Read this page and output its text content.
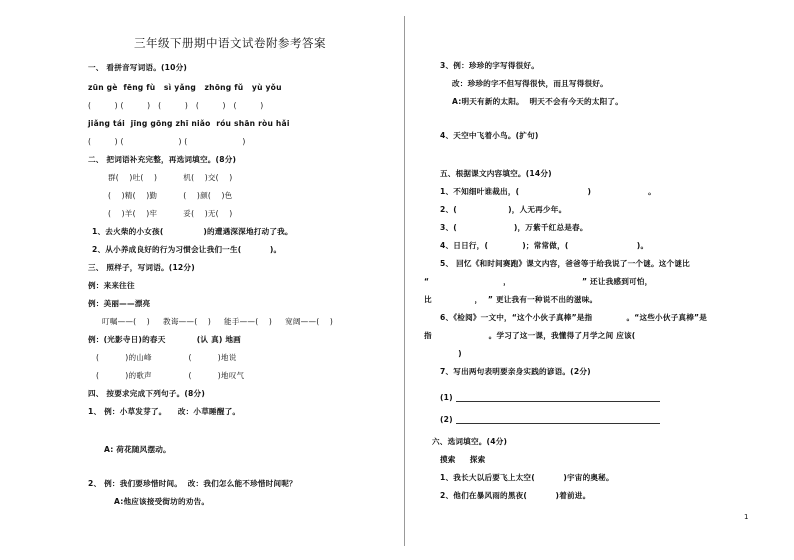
三年级下册期中语文试卷附参考答案
一、 看拼音写词语。(10分)
zūn gè  fēng fù   sì yǎng   zhōng fǔ   yù yǒu
(         ) (         )   (         )   (         )   (         )
jiǎng tái  jīng gōng zhī niǎo  róu shān ròu hǎi
(         ) (                     ) (                     )
二、 把词语补充完整，再选词填空。(8分)
群(    )吐(    )          机(    )交(    )
(    )精(    )勤          (    )颜(    )色
(    )羊(    )牢          妥(    )无(    )
1、去火柴的小女孩(              )的遭遇深深地打动了我。
2、从小养成良好的行为习惯会让我们一生(          )。
三、 照样子，写词语。(12分)
例：来来往往
例：美丽——漂亮
叮嘱——(    )     教诲——(    )     能手——(    )     宽阔——(    )
例：(光影寺日)的春天           (认 真) 地画
(          )的山峰              (          )地说
(          )的歌声              (          )地叹气
四、 按要求完成下列句子。(8分)
1、 例：小草发芽了。    改：小草睡醒了。
A: 荷花随风摆动。
2、 例：我们要珍惜时间。  改：我们怎么能不珍惜时间呢？
A:他应该接受街坊的劝告。
3、例：珍珍的字写得很好。
改：珍珍的字不但写得很快，而且写得很好。
A:明天有新的太阳。  明天不会有今天的太阳了。
4、天空中飞着小鸟。(扩句)
五、根据课文内容填空。(14分)
1、不知细叶谁裁出，(                        )                    。
2、(                  )，人无再少年。
3、(                    )，万紫千红总是春。
4、日日行，(            )；常常做，(                        )。
5、 回忆《和时间赛跑》课文内容，爸爸等于给我说了一个谜。这个谜比
“                          ，                         ” 还让我感到可怕，
比               ，  ” 更让我有一种说不出的滋味。
6、《检阅》一文中，“这个小伙子真棒”是指            。“这些小伙子真棒”是
指                    。学习了这一课，我懂得了月学之间 应该(
)
7、写出两句表明要亲身实践的谚语。(2分)
(1)
(2)
六、选词填空。(4分)
摸索     探索
1、我长大以后要飞上太空(          )宇宙的奥秘。
2、他们在暴风雨的黑夜(          )着前进。
1
